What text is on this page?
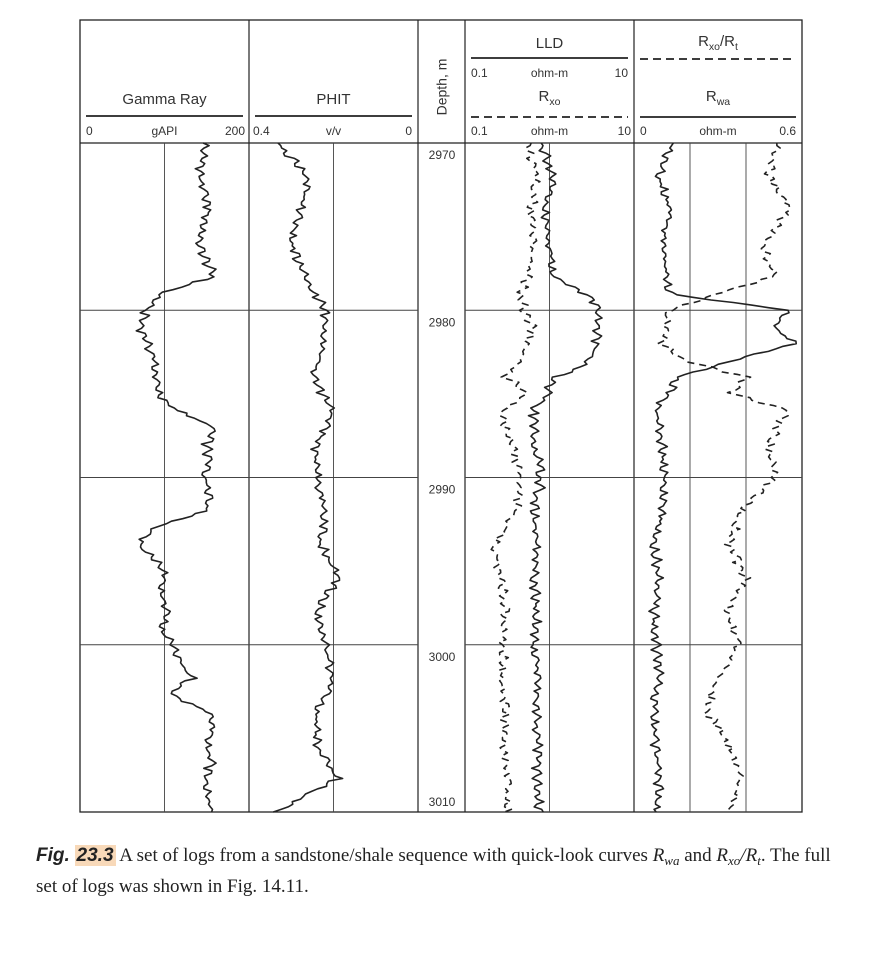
Depth, m
2970
2980
2990
3000
3010
Gamma Ray
0	gAPI	200
PHIT
0.4	v/v	0
LLD
0.1	ohm-m	10
$R_{xo}$
0.1	ohm-m	10
$R_{xo}/R_t$
$R_{wa}$
0	ohm-m	0.6
Fig. 23.3 A set of logs from a sandstone/shale sequence with quick-look curves $R_{wa}$ and $R_{xo}/R_t$. The full set of logs was shown in Fig. 14.11.
